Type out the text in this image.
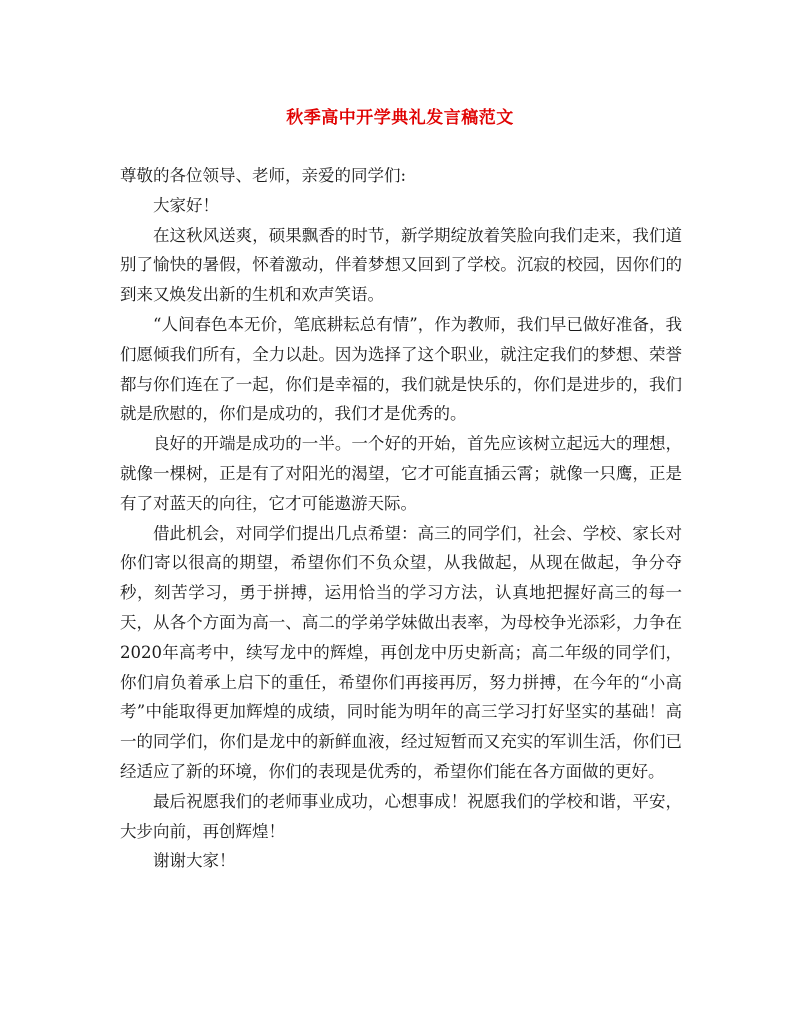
秋季高中开学典礼发言稿范文

尊敬的各位领导、老师，亲爱的同学们:

大家好！

在这秋风送爽，硕果飘香的时节，新学期绽放着笑脸向我们走来，我们道别了愉快的暑假，怀着激动，伴着梦想又回到了学校。沉寂的校园，因你们的到来又焕发出新的生机和欢声笑语。

“人间春色本无价，笔底耕耘总有情”，作为教师，我们早已做好准备，我们愿倾我们所有，全力以赴。因为选择了这个职业，就注定我们的梦想、荣誉都与你们连在了一起，你们是幸福的，我们就是快乐的，你们是进步的，我们就是欣慰的，你们是成功的，我们才是优秀的。

良好的开端是成功的一半。一个好的开始，首先应该树立起远大的理想，就像一棵树，正是有了对阳光的渴望，它才可能直插云霄；就像一只鹰，正是有了对蓝天的向往，它才可能遨游天际。

借此机会，对同学们提出几点希望：高三的同学们，社会、学校、家长对你们寄以很高的期望，希望你们不负众望，从我做起，从现在做起，争分夺秒，刻苦学习，勇于拼搏，运用恰当的学习方法，认真地把握好高三的每一天，从各个方面为高一、高二的学弟学妹做出表率，为母校争光添彩，力争在2020年高考中，续写龙中的辉煌，再创龙中历史新高；高二年级的同学们，你们肩负着承上启下的重任，希望你们再接再厉，努力拼搏，在今年的“小高考”中能取得更加辉煌的成绩，同时能为明年的高三学习打好坚实的基础！高一的同学们，你们是龙中的新鲜血液，经过短暂而又充实的军训生活，你们已经适应了新的环境，你们的表现是优秀的，希望你们能在各方面做的更好。

最后祝愿我们的老师事业成功，心想事成！祝愿我们的学校和谐，平安，大步向前，再创辉煌！

谢谢大家！
